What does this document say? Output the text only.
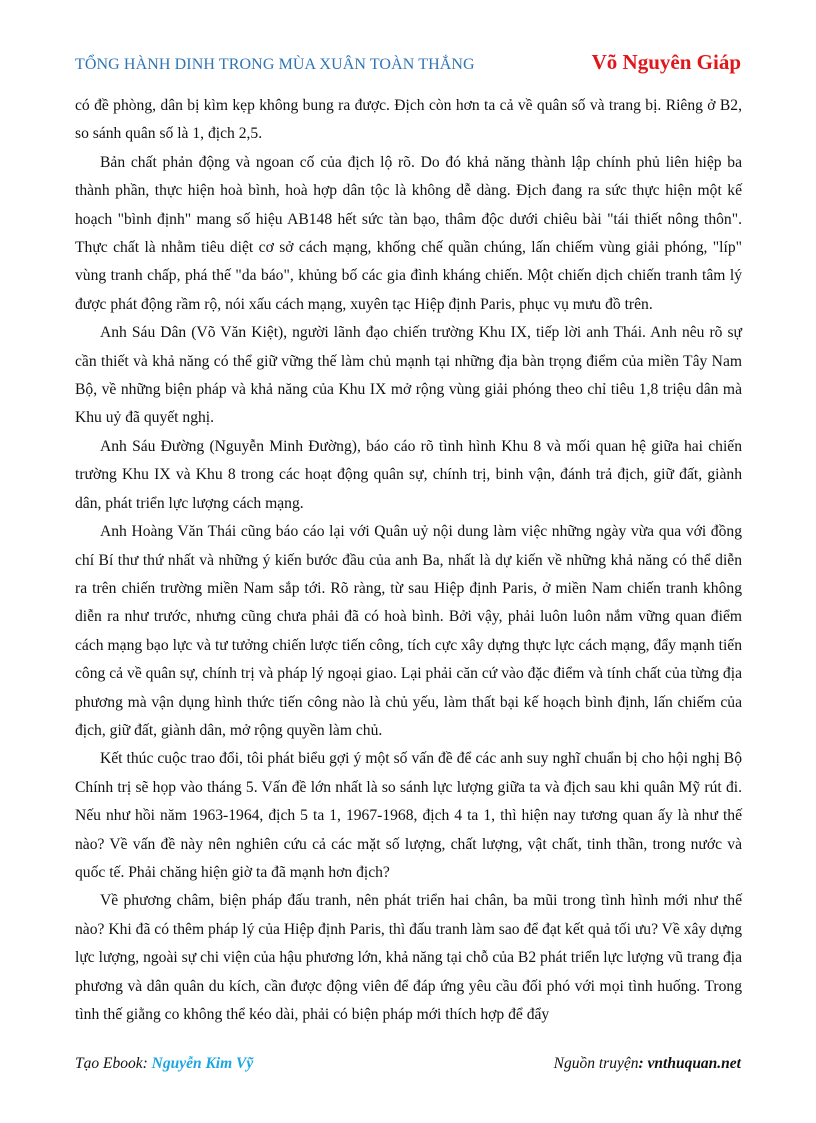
TỔNG HÀNH DINH TRONG MÙA XUÂN TOÀN THẮNG	Võ Nguyên Giáp

có đề phòng, dân bị kìm kẹp không bung ra được. Địch còn hơn ta cả về quân số và trang bị. Riêng ở B2, so sánh quân số là 1, địch 2,5.

Bản chất phản động và ngoan cố của địch lộ rõ. Do đó khả năng thành lập chính phủ liên hiệp ba thành phần, thực hiện hoà bình, hoà hợp dân tộc là không dễ dàng. Địch đang ra sức thực hiện một kế hoạch "bình định" mang số hiệu AB148 hết sức tàn bạo, thâm độc dưới chiêu bài "tái thiết nông thôn". Thực chất là nhằm tiêu diệt cơ sở cách mạng, khống chế quần chúng, lấn chiếm vùng giải phóng, "líp" vùng tranh chấp, phá thế "da báo", khủng bố các gia đình kháng chiến. Một chiến dịch chiến tranh tâm lý được phát động rầm rộ, nói xấu cách mạng, xuyên tạc Hiệp định Paris, phục vụ mưu đồ trên.

Anh Sáu Dân (Võ Văn Kiệt), người lãnh đạo chiến trường Khu IX, tiếp lời anh Thái. Anh nêu rõ sự cần thiết và khả năng có thể giữ vững thế làm chủ mạnh tại những địa bàn trọng điểm của miền Tây Nam Bộ, về những biện pháp và khả năng của Khu IX mở rộng vùng giải phóng theo chỉ tiêu 1,8 triệu dân mà Khu uỷ đã quyết nghị.

Anh Sáu Đường (Nguyễn Minh Đường), báo cáo rõ tình hình Khu 8 và mối quan hệ giữa hai chiến trường Khu IX và Khu 8 trong các hoạt động quân sự, chính trị, binh vận, đánh trả địch, giữ đất, giành dân, phát triển lực lượng cách mạng.

Anh Hoàng Văn Thái cũng báo cáo lại với Quân uỷ nội dung làm việc những ngày vừa qua với đồng chí Bí thư thứ nhất và những ý kiến bước đầu của anh Ba, nhất là dự kiến về những khả năng có thể diễn ra trên chiến trường miền Nam sắp tới. Rõ ràng, từ sau Hiệp định Paris, ở miền Nam chiến tranh không diễn ra như trước, nhưng cũng chưa phải đã có hoà bình. Bởi vậy, phải luôn luôn nắm vững quan điểm cách mạng bạo lực và tư tưởng chiến lược tiến công, tích cực xây dựng thực lực cách mạng, đẩy mạnh tiến công cả về quân sự, chính trị và pháp lý ngoại giao. Lại phải căn cứ vào đặc điểm và tính chất của từng địa phương mà vận dụng hình thức tiến công nào là chủ yếu, làm thất bại kế hoạch bình định, lấn chiếm của địch, giữ đất, giành dân, mở rộng quyền làm chủ.

Kết thúc cuộc trao đổi, tôi phát biểu gợi ý một số vấn đề để các anh suy nghĩ chuẩn bị cho hội nghị Bộ Chính trị sẽ họp vào tháng 5. Vấn đề lớn nhất là so sánh lực lượng giữa ta và địch sau khi quân Mỹ rút đi. Nếu như hồi năm 1963-1964, địch 5 ta 1, 1967-1968, địch 4 ta 1, thì hiện nay tương quan ấy là như thế nào? Về vấn đề này nên nghiên cứu cả các mặt số lượng, chất lượng, vật chất, tinh thần, trong nước và quốc tế. Phải chăng hiện giờ ta đã mạnh hơn địch?

Về phương châm, biện pháp đấu tranh, nên phát triển hai chân, ba mũi trong tình hình mới như thế nào? Khi đã có thêm pháp lý của Hiệp định Paris, thì đấu tranh làm sao để đạt kết quả tối ưu? Về xây dựng lực lượng, ngoài sự chi viện của hậu phương lớn, khả năng tại chỗ của B2 phát triển lực lượng vũ trang địa phương và dân quân du kích, cần được động viên để đáp ứng yêu cầu đối phó với mọi tình huống. Trong tình thế giằng co không thể kéo dài, phải có biện pháp mới thích hợp để đẩy

Tạo Ebook: Nguyễn Kim Vỹ	Nguồn truyện: vnthuquan.net
